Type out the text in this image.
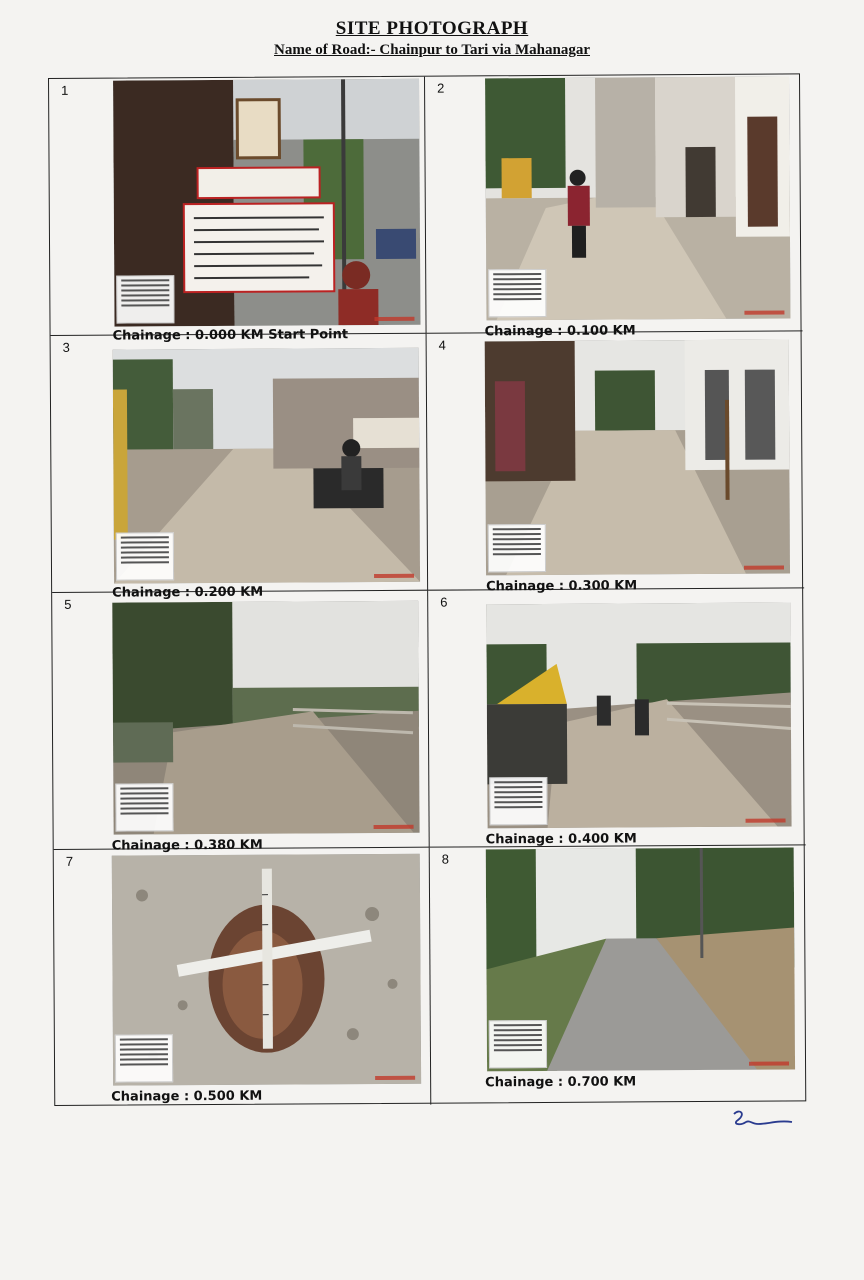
SITE PHOTOGRAPH
Name of Road:- Chainpur to Tari via Mahanagar
1
Chainage : 0.000 KM Start Point
2
Chainage : 0.100 KM
3
Chainage : 0.200 KM
4
Chainage : 0.300 KM
5
Chainage : 0.380 KM
6
Chainage : 0.400 KM
7
Chainage : 0.500 KM
8
Chainage : 0.700 KM
